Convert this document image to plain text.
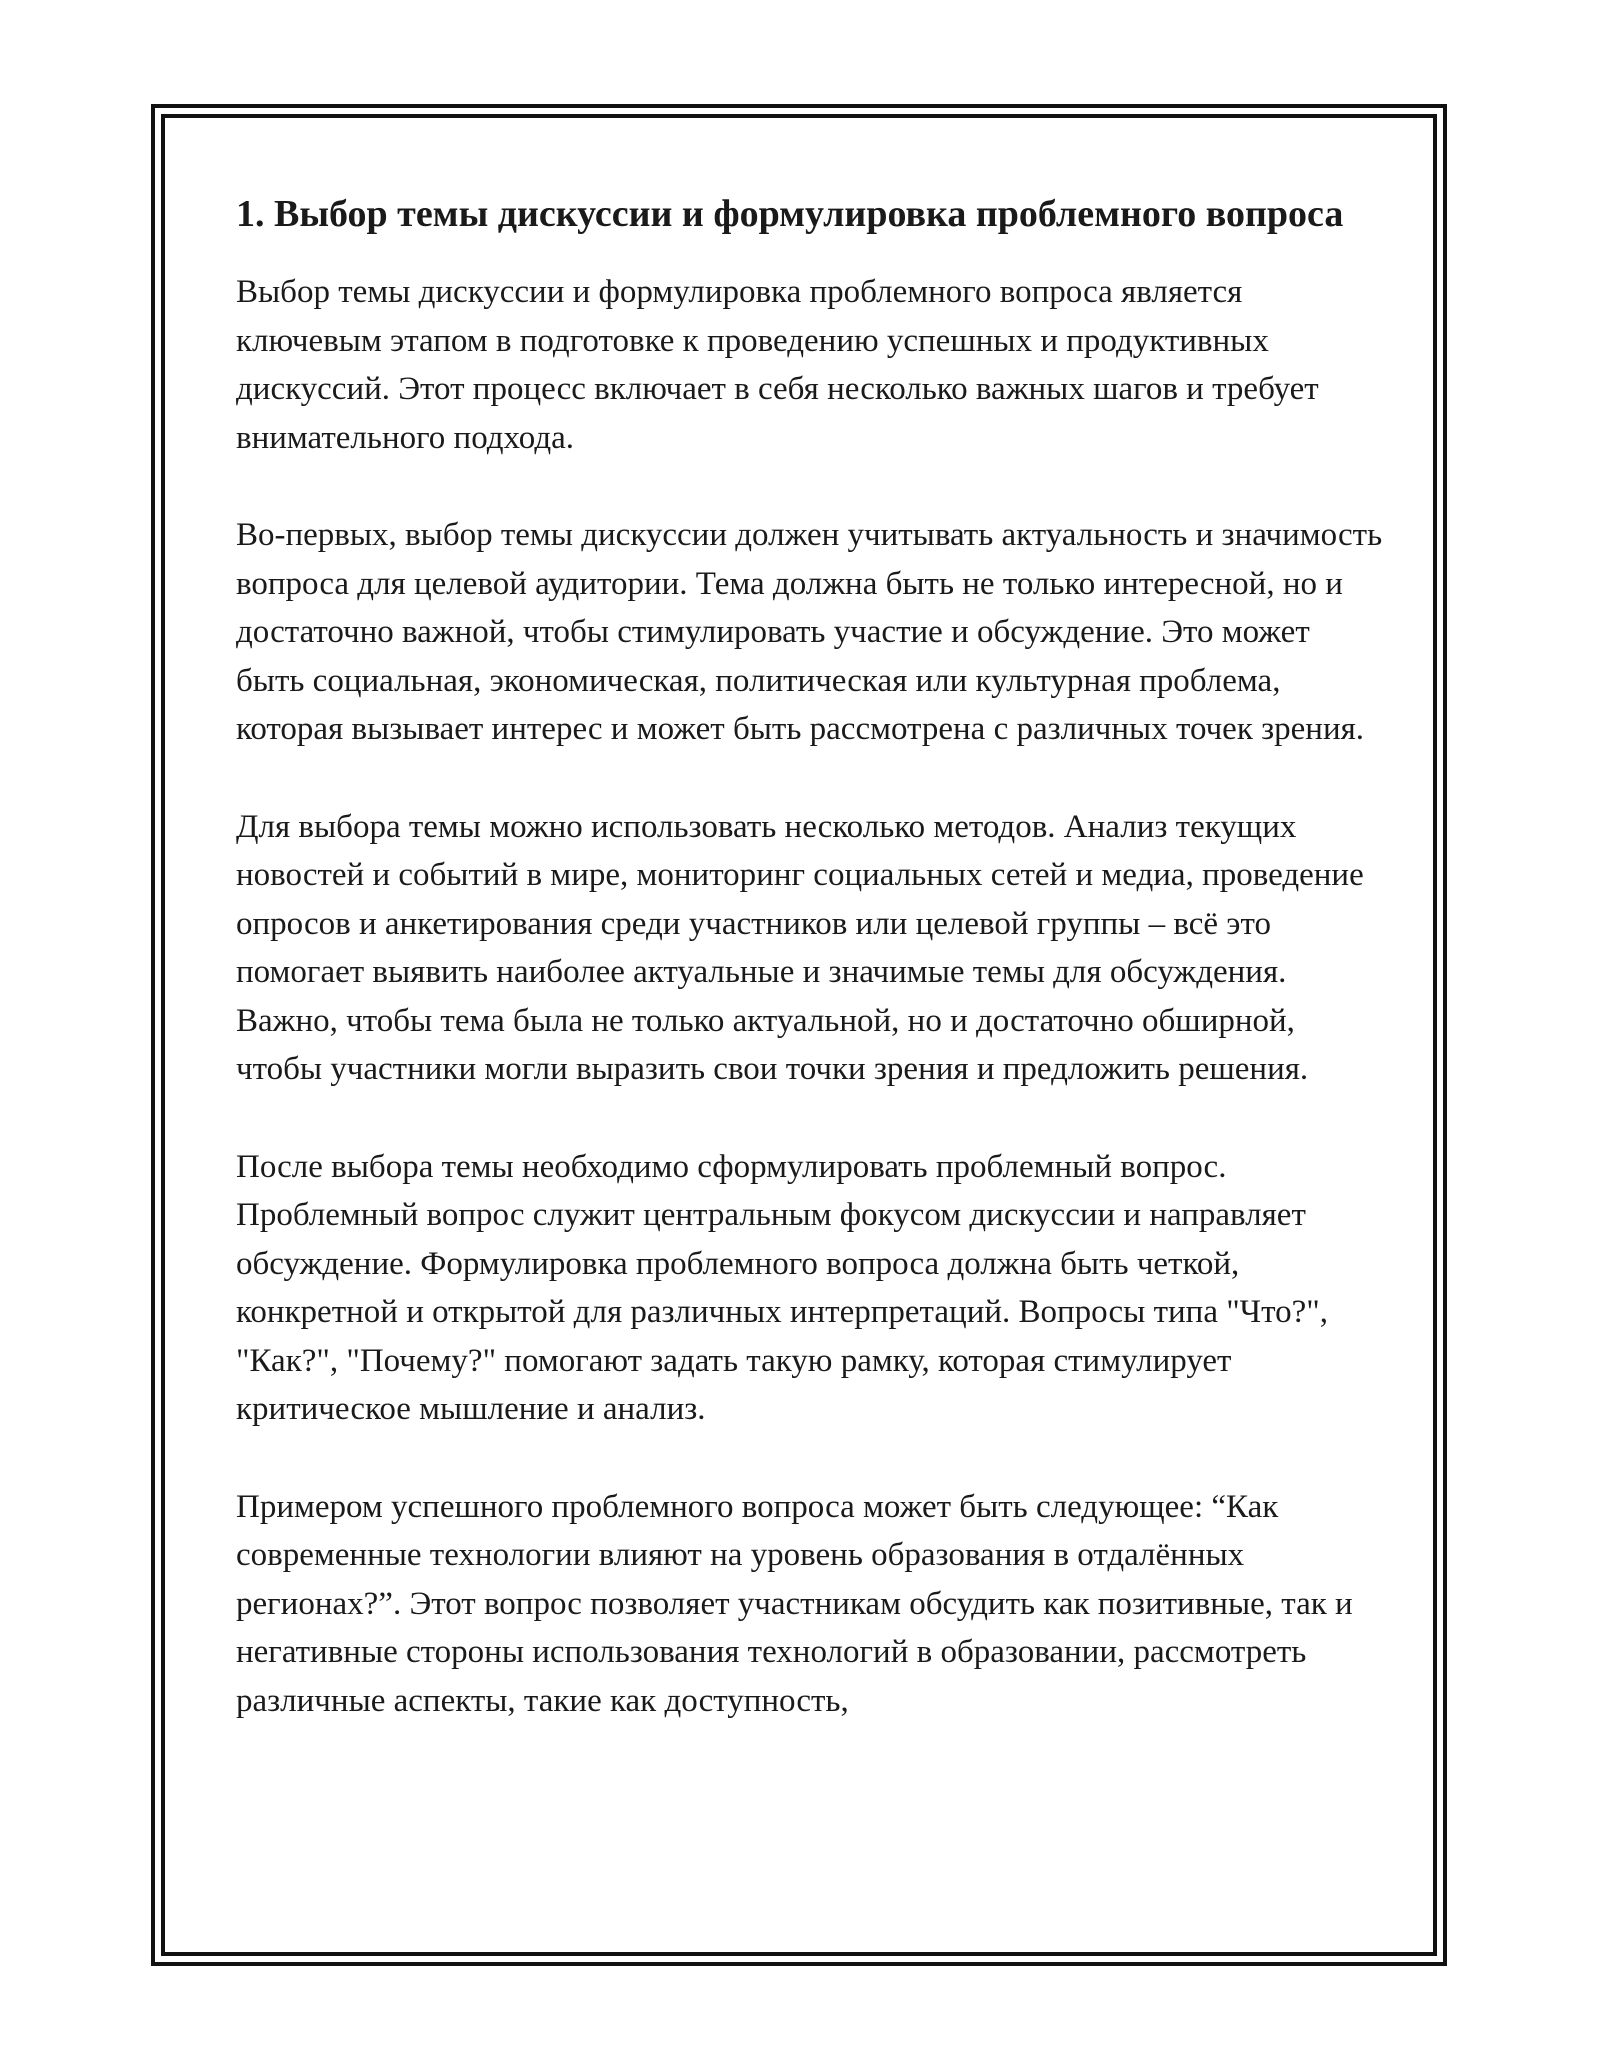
1. Выбор темы дискуссии и формулировка проблемного вопроса

Выбор темы дискуссии и формулировка проблемного вопроса является ключевым этапом в подготовке к проведению успешных и продуктивных дискуссий. Этот процесс включает в себя несколько важных шагов и требует внимательного подхода.

Во-первых, выбор темы дискуссии должен учитывать актуальность и значимость вопроса для целевой аудитории. Тема должна быть не только интересной, но и достаточно важной, чтобы стимулировать участие и обсуждение. Это может быть социальная, экономическая, политическая или культурная проблема, которая вызывает интерес и может быть рассмотрена с различных точек зрения.

Для выбора темы можно использовать несколько методов. Анализ текущих новостей и событий в мире, мониторинг социальных сетей и медиа, проведение опросов и анкетирования среди участников или целевой группы – всё это помогает выявить наиболее актуальные и значимые темы для обсуждения. Важно, чтобы тема была не только актуальной, но и достаточно обширной, чтобы участники могли выразить свои точки зрения и предложить решения.

После выбора темы необходимо сформулировать проблемный вопрос. Проблемный вопрос служит центральным фокусом дискуссии и направляет обсуждение. Формулировка проблемного вопроса должна быть четкой, конкретной и открытой для различных интерпретаций. Вопросы типа "Что?", "Как?", "Почему?" помогают задать такую рамку, которая стимулирует критическое мышление и анализ.

Примером успешного проблемного вопроса может быть следующее: “Как современные технологии влияют на уровень образования в отдалённых регионах?”. Этот вопрос позволяет участникам обсудить как позитивные, так и негативные стороны использования технологий в образовании, рассмотреть различные аспекты, такие как доступность,
